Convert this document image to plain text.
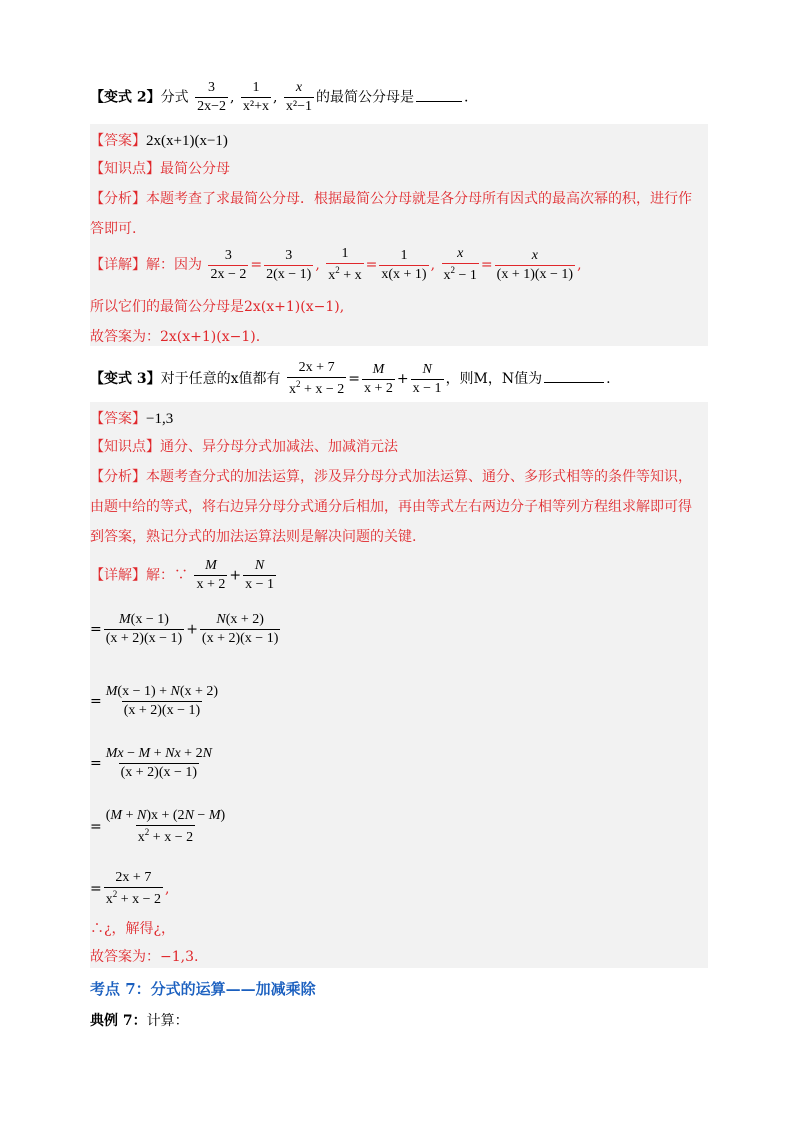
【变式 2】分式 $\frac{3}{2x-2}$ , $\frac{1}{\text{x²+x}}$ , $\frac{x}{\text{x²−1}}$ 的最简公分母是	.
【答案】2x(x+1)(x−1)
【知识点】最简公分母
【分析】本题考查了求最简公分母．根据最简公分母就是各分母所有因式的最高次幂的积，进行作
答即可.
【详解】解：因为 $\frac{3}{2x - 2} = \frac{3}{2(x - 1)}$ , $\frac{1}{x^2 + x} = \frac{1}{x(x + 1)}$ , $\frac{x}{x^2 - 1} = \frac{x}{(x + 1)(x - 1)}$ ,
所以它们的最简公分母是2x(x+1)(x−1),
故答案为：2x(x+1)(x−1).
【变式 3】对于任意的x值都有 $\frac{2x + 7}{x^2 + x - 2} = \frac{M}{x + 2} + \frac{N}{x - 1}$ ，则M，N值为	.
【答案】−1,3
【知识点】通分、异分母分式加减法、加减消元法
【分析】本题考查分式的加法运算，涉及异分母分式加法运算、通分、多形式相等的条件等知识，
由题中给的等式，将右边异分母分式通分后相加，再由等式左右两边分子相等列方程组求解即可得
到答案，熟记分式的加法运算法则是解决问题的关键.
【详解】解：∵ $\frac{M}{x + 2} + \frac{N}{x - 1}$
= $\frac{M(x - 1)}{(x + 2)(x - 1)} + \frac{N(x + 2)}{(x + 2)(x - 1)}$
= $\frac{M(x - 1) + N(x + 2)}{(x + 2)(x - 1)}$
= $\frac{Mx - M + Nx + 2N}{(x + 2)(x - 1)}$
= $\frac{(M + N)x + (2N - M)}{x^2 + x - 2}$
= $\frac{2x + 7}{x^2 + x - 2}$ ,
∴¿，解得¿，
故答案为：−1,3.
考点 7：分式的运算——加减乘除
典例 7：计算：
